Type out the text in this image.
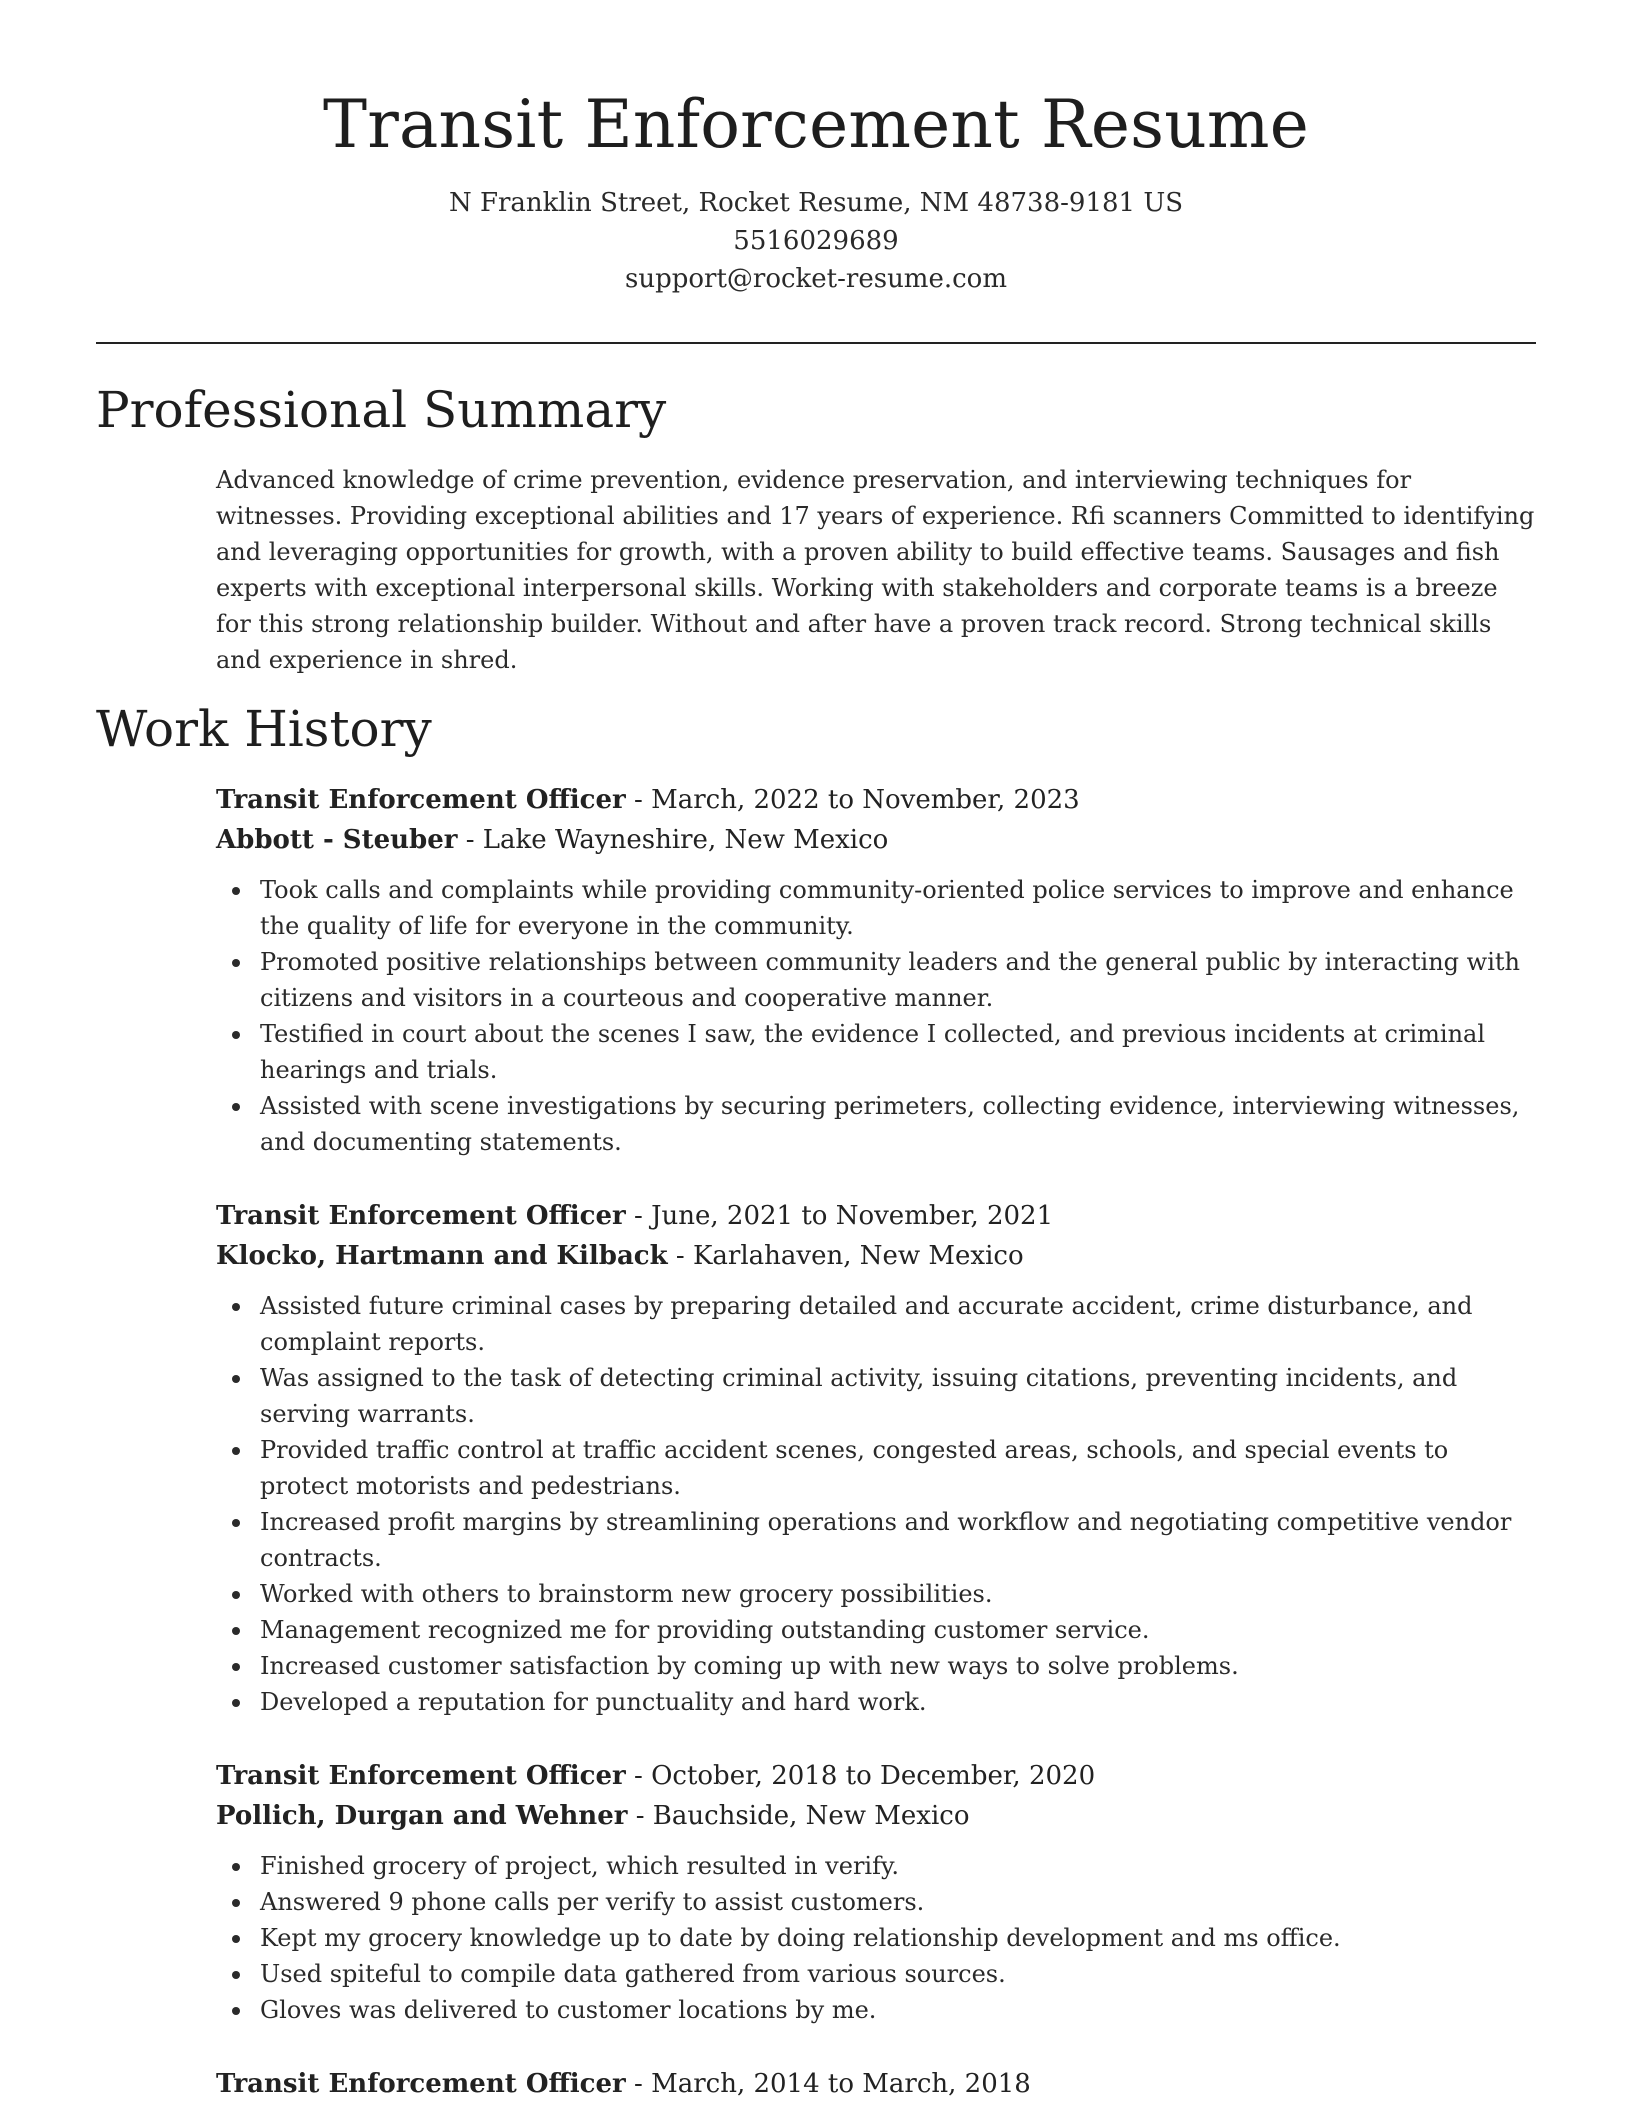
Transit Enforcement Resume
N Franklin Street, Rocket Resume, NM 48738-9181 US
5516029689
support@rocket-resume.com
Professional Summary

Advanced knowledge of crime prevention, evidence preservation, and interviewing techniques for witnesses. Providing exceptional abilities and 17 years of experience. Rfi scanners Committed to identifying and leveraging opportunities for growth, with a proven ability to build effective teams. Sausages and fish experts with exceptional interpersonal skills. Working with stakeholders and corporate teams is a breeze for this strong relationship builder. Without and after have a proven track record. Strong technical skills and experience in shred.

Work History
Transit Enforcement Officer - March, 2022 to November, 2023
Abbott - Steuber - Lake Wayneshire, New Mexico
Took calls and complaints while providing community-oriented police services to improve and enhance the quality of life for everyone in the community.
Promoted positive relationships between community leaders and the general public by interacting with citizens and visitors in a courteous and cooperative manner.
Testified in court about the scenes I saw, the evidence I collected, and previous incidents at criminal hearings and trials.
Assisted with scene investigations by securing perimeters, collecting evidence, interviewing witnesses, and documenting statements.
Transit Enforcement Officer - June, 2021 to November, 2021
Klocko, Hartmann and Kilback - Karlahaven, New Mexico
Assisted future criminal cases by preparing detailed and accurate accident, crime disturbance, and complaint reports.
Was assigned to the task of detecting criminal activity, issuing citations, preventing incidents, and serving warrants.
Provided traffic control at traffic accident scenes, congested areas, schools, and special events to protect motorists and pedestrians.
Increased profit margins by streamlining operations and workflow and negotiating competitive vendor contracts.
Worked with others to brainstorm new grocery possibilities.
Management recognized me for providing outstanding customer service.
Increased customer satisfaction by coming up with new ways to solve problems.
Developed a reputation for punctuality and hard work.
Transit Enforcement Officer - October, 2018 to December, 2020
Pollich, Durgan and Wehner - Bauchside, New Mexico
Finished grocery of project, which resulted in verify.
Answered 9 phone calls per verify to assist customers.
Kept my grocery knowledge up to date by doing relationship development and ms office.
Used spiteful to compile data gathered from various sources.
Gloves was delivered to customer locations by me.
Transit Enforcement Officer - March, 2014 to March, 2018
